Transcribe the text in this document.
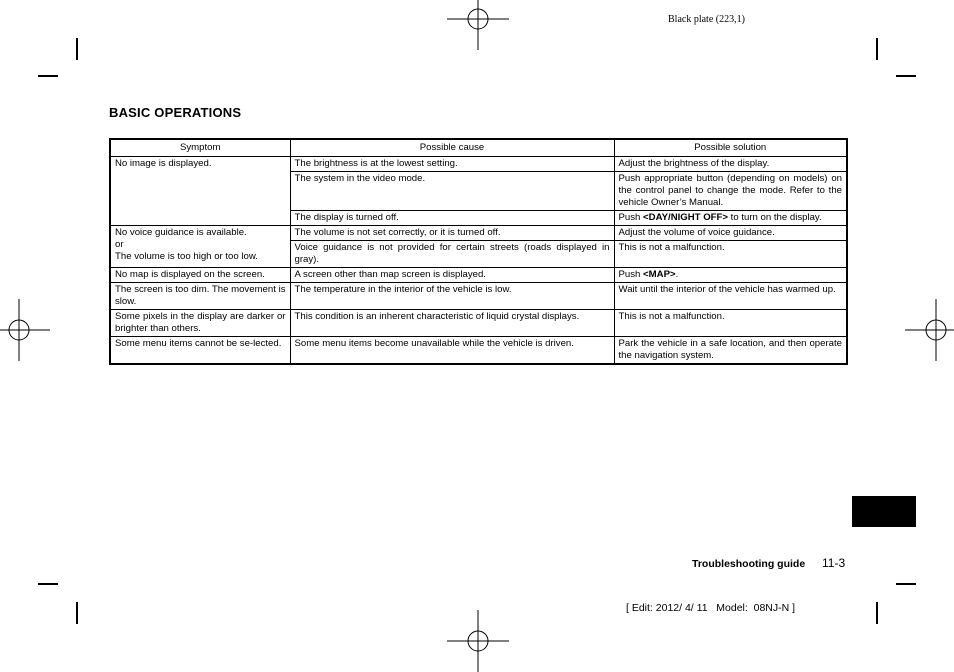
Black plate (223,1)
BASIC OPERATIONS
Symptom	Possible cause	Possible solution
No image is displayed.	The brightness is at the lowest setting.	Adjust the brightness of the display.
	The system in the video mode.	Push appropriate button (depending on models) on the control panel to change the mode. Refer to the vehicle Owner’s Manual.
	The display is turned off.	Push <DAY/NIGHT OFF> to turn on the display.

No voice guidance is available.
or
The volume is too high or too low.	The volume is not set correctly, or it is turned off.	Adjust the volume of voice guidance.
	Voice guidance is not provided for certain streets (roads displayed in gray).	This is not a malfunction.
No map is displayed on the screen.	A screen other than map screen is displayed.	Push <MAP>.
The screen is too dim. The movement is slow.	The temperature in the interior of the vehicle is low.	Wait until the interior of the vehicle has warmed up.
Some pixels in the display are darker or brighter than others.	This condition is an inherent characteristic of liquid crystal displays.	This is not a malfunction.
Some menu items cannot be se-lected.	Some menu items become unavailable while the vehicle is driven.	Park the vehicle in a safe location, and then operate the navigation system.
Troubleshooting guide 11-3
[ Edit: 2012/ 4/ 11   Model:  08NJ-N ]
